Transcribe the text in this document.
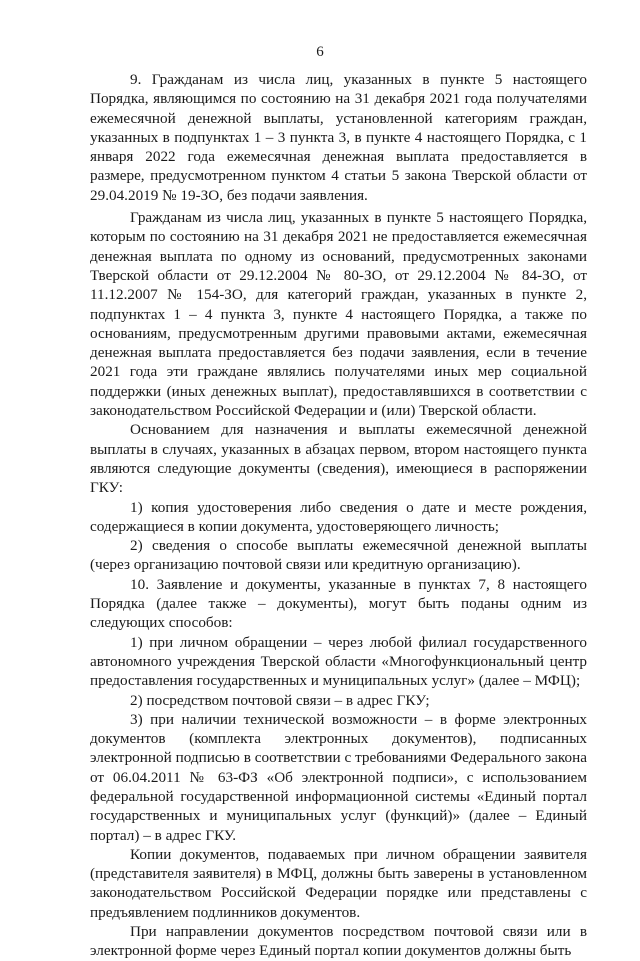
6

9. Гражданам из числа лиц, указанных в пункте 5 настоящего Порядка, являющимся по состоянию на 31 декабря 2021 года получателями ежемесячной денежной выплаты, установленной категориям граждан, указанных в подпунктах 1 – 3 пункта 3, в пункте 4 настоящего Порядка, с 1 января 2022 года ежемесячная денежная выплата предоставляется в размере, предусмотренном пунктом 4 статьи 5 закона Тверской области от 29.04.2019 № 19-ЗО, без подачи заявления.

Гражданам из числа лиц, указанных в пункте 5 настоящего Порядка, которым по состоянию на 31 декабря 2021 не предоставляется ежемесячная денежная выплата по одному из оснований, предусмотренных законами Тверской области от 29.12.2004 № 80-ЗО, от 29.12.2004 № 84-ЗО, от 11.12.2007 № 154-ЗО, для категорий граждан, указанных в пункте 2, подпунктах 1 – 4 пункта 3, пункте 4 настоящего Порядка, а также по основаниям, предусмотренным другими правовыми актами, ежемесячная денежная выплата предоставляется без подачи заявления, если в течение 2021 года эти граждане являлись получателями иных мер социальной поддержки (иных денежных выплат), предоставлявшихся в соответствии с законодательством Российской Федерации и (или) Тверской области.

Основанием для назначения и выплаты ежемесячной денежной выплаты в случаях, указанных в абзацах первом, втором настоящего пункта являются следующие документы (сведения), имеющиеся в распоряжении ГКУ:

1) копия удостоверения либо сведения о дате и месте рождения, содержащиеся в копии документа, удостоверяющего личность;

2) сведения о способе выплаты ежемесячной денежной выплаты (через организацию почтовой связи или кредитную организацию).

10. Заявление и документы, указанные в пунктах 7, 8 настоящего Порядка (далее также – документы), могут быть поданы одним из следующих способов:

1) при личном обращении – через любой филиал государственного автономного учреждения Тверской области «Многофункциональный центр предоставления государственных и муниципальных услуг» (далее – МФЦ);

2) посредством почтовой связи – в адрес ГКУ;

3) при наличии технической возможности – в форме электронных документов (комплекта электронных документов), подписанных электронной подписью в соответствии с требованиями Федерального закона от 06.04.2011 № 63-ФЗ «Об электронной подписи», с использованием федеральной государственной информационной системы «Единый портал государственных и муниципальных услуг (функций)» (далее – Единый портал) – в адрес ГКУ.

Копии документов, подаваемых при личном обращении заявителя (представителя заявителя) в МФЦ, должны быть заверены в установленном законодательством Российской Федерации порядке или представлены с предъявлением подлинников документов.

При направлении документов посредством почтовой связи или в электронной форме через Единый портал копии документов должны быть
